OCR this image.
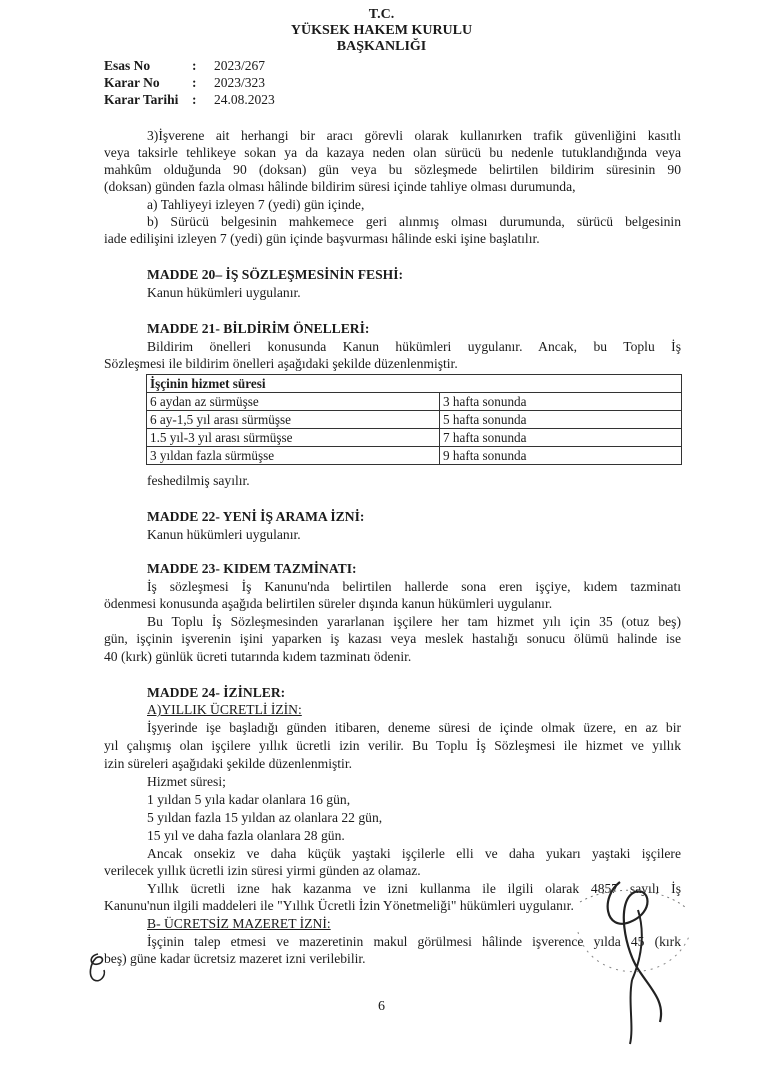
T.C.
YÜKSEK HAKEM KURULU
BAŞKANLIĞI
Esas No	: 2023/267
Karar No : 2023/323
Karar Tarihi : 24.08.2023
3)İşverene ait herhangi bir aracı görevli olarak kullanırken trafik güvenliğini kasıtlı
veya taksirle tehlikeye sokan ya da kazaya neden olan sürücü bu nedenle tutuklandığında veya
mahkûm olduğunda 90 (doksan) gün veya bu sözleşmede belirtilen bildirim süresinin 90
(doksan) günden fazla olması hâlinde bildirim süresi içinde tahliye olması durumunda,
a) Tahliyeyi izleyen 7 (yedi) gün içinde,
b) Sürücü belgesinin mahkemece geri alınmış olması durumunda, sürücü belgesinin
iade edilişini izleyen 7 (yedi) gün içinde başvurması hâlinde eski işine başlatılır.
MADDE 20– İŞ SÖZLEŞMESİNİN FESHİ:
Kanun hükümleri uygulanır.
MADDE 21- BİLDİRİM ÖNELLERİ:
Bildirim önelleri konusunda Kanun hükümleri uygulanır. Ancak, bu Toplu İş
Sözleşmesi ile bildirim önelleri aşağıdaki şekilde düzenlenmiştir.
İşçinin hizmet süresi	
6 aydan az sürmüşse	3 hafta sonunda
6 ay-1,5 yıl arası sürmüşse	5 hafta sonunda
1.5 yıl-3 yıl arası sürmüşse	7 hafta sonunda
3 yıldan fazla sürmüşse	9 hafta sonunda
feshedilmiş sayılır.
MADDE 22- YENİ İŞ ARAMA İZNİ:
Kanun hükümleri uygulanır.
MADDE 23- KIDEM TAZMİNATI:
İş sözleşmesi İş Kanunu'nda belirtilen hallerde sona eren işçiye, kıdem tazminatı
ödenmesi konusunda aşağıda belirtilen süreler dışında kanun hükümleri uygulanır.
Bu Toplu İş Sözleşmesinden yararlanan işçilere her tam hizmet yılı için 35 (otuz beş)
gün, işçinin işverenin işini yaparken iş kazası veya meslek hastalığı sonucu ölümü halinde ise
40 (kırk) günlük ücreti tutarında kıdem tazminatı ödenir.
MADDE 24- İZİNLER:
A)YILLIK ÜCRETLİ İZİN:
İşyerinde işe başladığı günden itibaren, deneme süresi de içinde olmak üzere, en az bir
yıl çalışmış olan işçilere yıllık ücretli izin verilir. Bu Toplu İş Sözleşmesi ile hizmet ve yıllık
izin süreleri aşağıdaki şekilde düzenlenmiştir.
Hizmet süresi;
1 yıldan 5 yıla kadar olanlara 16 gün,
5 yıldan fazla 15 yıldan az olanlara 22 gün,
15 yıl ve daha fazla olanlara 28 gün.
Ancak onsekiz ve daha küçük yaştaki işçilerle elli ve daha yukarı yaştaki işçilere
verilecek yıllık ücretli izin süresi yirmi günden az olamaz.
Yıllık ücretli izne hak kazanma ve izni kullanma ile ilgili olarak 4857 sayılı İş
Kanunu'nun ilgili maddeleri ile "Yıllık Ücretli İzin Yönetmeliği" hükümleri uygulanır.
B- ÜCRETSİZ MAZERET İZNİ:
İşçinin talep etmesi ve mazeretinin makul görülmesi hâlinde işverence yılda 45 (kırk
beş) güne kadar ücretsiz mazeret izni verilebilir.
6
